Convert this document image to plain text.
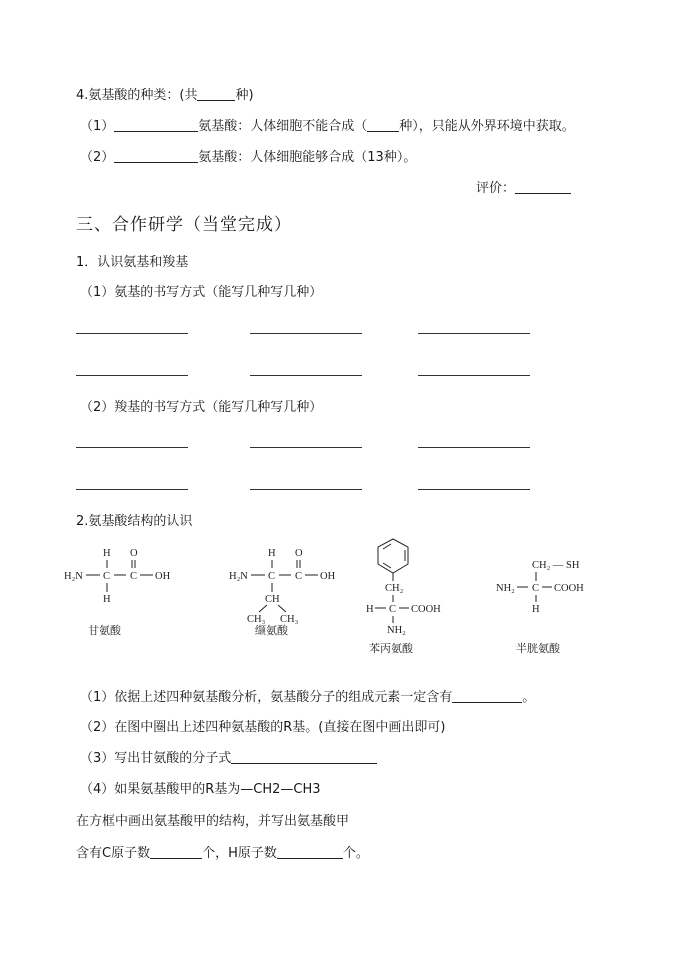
4.氨基酸的种类：(共	种)
（1）	氨基酸：人体细胞不能合成（ 种），只能从外界环境中获取。
（2）	氨基酸：人体细胞能够合成（13种）。
评价：
三、合作研学（当堂完成）
1．认识氨基和羧基
（1）氨基的书写方式（能写几种写几种）
（2）羧基的书写方式（能写几种写几种）
2.氨基酸结构的认识
H O
H₂N C C OH
H
甘氨酸
H O
H₂N C C OH
CH
CH₃ CH₃
缬氨酸
CH₂
H C COOH
NH₂
苯丙氨酸
CH₂ — SH
NH₂ C COOH
H
半胱氨酸
（1）依据上述四种氨基酸分析，氨基酸分子的组成元素一定含有	。
（2）在图中圈出上述四种氨基酸的R基。(直接在图中画出即可)
（3）写出甘氨酸的分子式
（4）如果氨基酸甲的R基为—CH2—CH3
在方框中画出氨基酸甲的结构，并写出氨基酸甲
含有C原子数	个，H原子数	个。
